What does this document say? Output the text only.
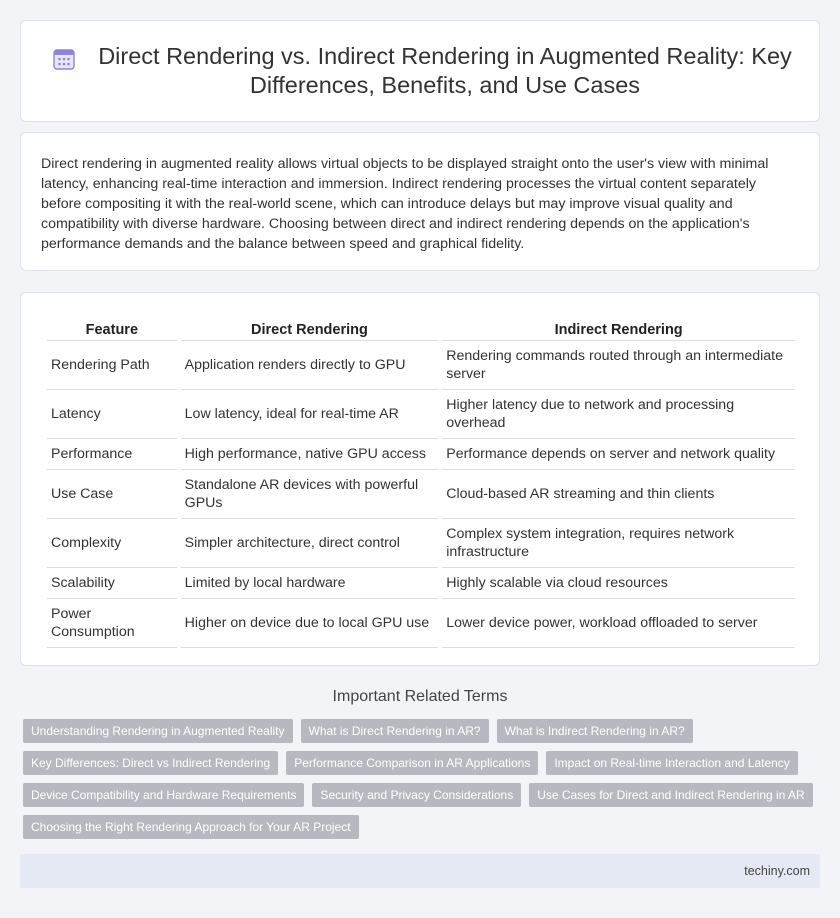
Direct Rendering vs. Indirect Rendering in Augmented Reality: Key Differences, Benefits, and Use Cases

Direct rendering in augmented reality allows virtual objects to be displayed straight onto the user's view with minimal latency, enhancing real-time interaction and immersion. Indirect rendering processes the virtual content separately before compositing it with the real-world scene, which can introduce delays but may improve visual quality and compatibility with diverse hardware. Choosing between direct and indirect rendering depends on the application's performance demands and the balance between speed and graphical fidelity.

Feature	Direct Rendering	Indirect Rendering
Rendering Path	Application renders directly to GPU	Rendering commands routed through an intermediate server
Latency	Low latency, ideal for real-time AR	Higher latency due to network and processing overhead
Performance	High performance, native GPU access	Performance depends on server and network quality
Use Case	Standalone AR devices with powerful GPUs	Cloud-based AR streaming and thin clients
Complexity	Simpler architecture, direct control	Complex system integration, requires network infrastructure
Scalability	Limited by local hardware	Highly scalable via cloud resources
Power Consumption	Higher on device due to local GPU use	Lower device power, workload offloaded to server
Important Related Terms
Understanding Rendering in Augmented Reality	What is Direct Rendering in AR?	What is Indirect Rendering in AR?
Key Differences: Direct vs Indirect Rendering	Performance Comparison in AR Applications	Impact on Real-time Interaction and Latency
Device Compatibility and Hardware Requirements	Security and Privacy Considerations	Use Cases for Direct and Indirect Rendering in AR
Choosing the Right Rendering Approach for Your AR Project
techiny.com
